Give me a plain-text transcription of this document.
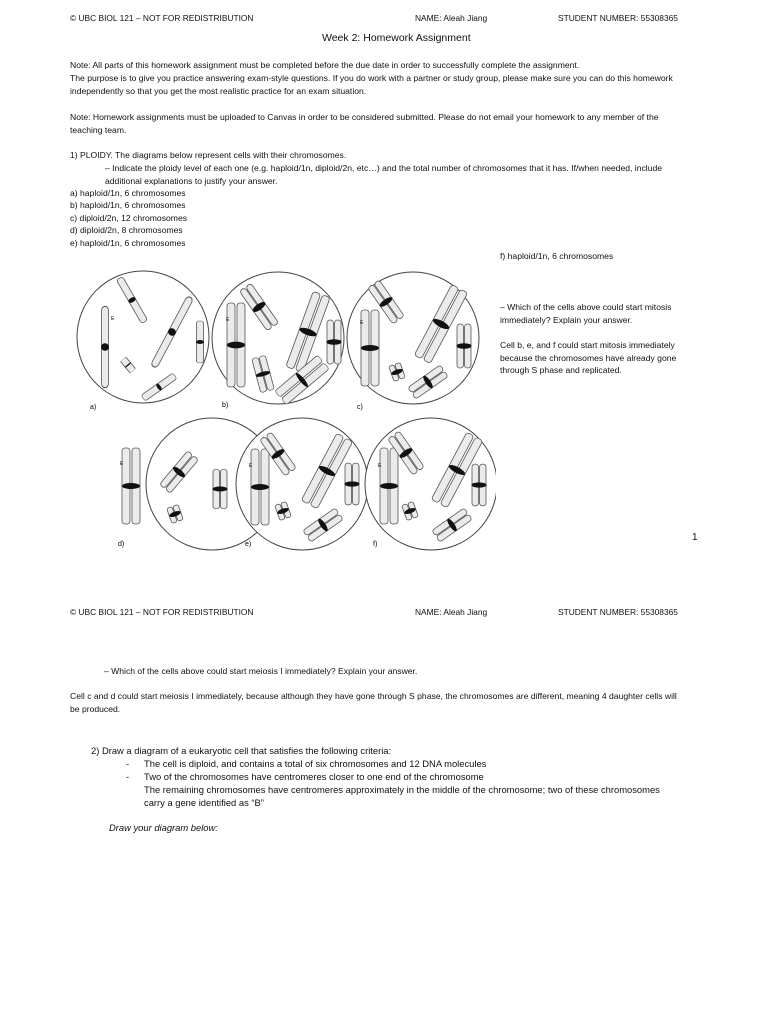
© UBC BIOL 121 – NOT FOR REDISTRIBUTION	NAME: Aleah Jiang	STUDENT NUMBER: 55308365
Week 2: Homework Assignment
Note: All parts of this homework assignment must be completed before the due date in order to successfully complete the assignment.
The purpose is to give you practice answering exam-style questions. If you do work with a partner or study group, please make sure you can do this homework
independently so that you get the most realistic practice for an exam situation.
Note: Homework assignments must be uploaded to Canvas in order to be considered submitted. Please do not email your homework to any member of the
teaching team.
1) PLOIDY. The diagrams below represent cells with their chromosomes.
– Indicate the ploidy level of each one (e.g. haploid/1n, diploid/2n, etc…) and the total number of chromosomes that it has. If/when needed, include
additional explanations to justify your answer.
a) haploid/1n, 6 chromosomes
b) haploid/1n, 6 chromosomes
c) diploid/2n, 12 chromosomes
d) diploid/2n, 8 chromosomes
e) haploid/1n, 6 chromosomes
f) haploid/1n, 6 chromosomes
– Which of the cells above could start mitosis
immediately? Explain your answer.
Cell b, e, and f could start mitosis immediately
because the chromosomes have already gone
through S phase and replicated.
a)	b)	c)
d)	e)	f)
E	E	E
E	E	E
1
© UBC BIOL 121 – NOT FOR REDISTRIBUTION	NAME: Aleah Jiang	STUDENT NUMBER: 55308365
– Which of the cells above could start meiosis I immediately? Explain your answer.
Cell c and d could start meiosis I immediately, because although they have gone through S phase, the chromosomes are different, meaning 4 daughter cells will
be produced.
2) Draw a diagram of a eukaryotic cell that satisfies the following criteria:
- The cell is diploid, and contains a total of six chromosomes and 12 DNA molecules
- Two of the chromosomes have centromeres closer to one end of the chromosome
The remaining chromosomes have centromeres approximately in the middle of the chromosome; two of these chromosomes
carry a gene identified as “B”
Draw your diagram below:
